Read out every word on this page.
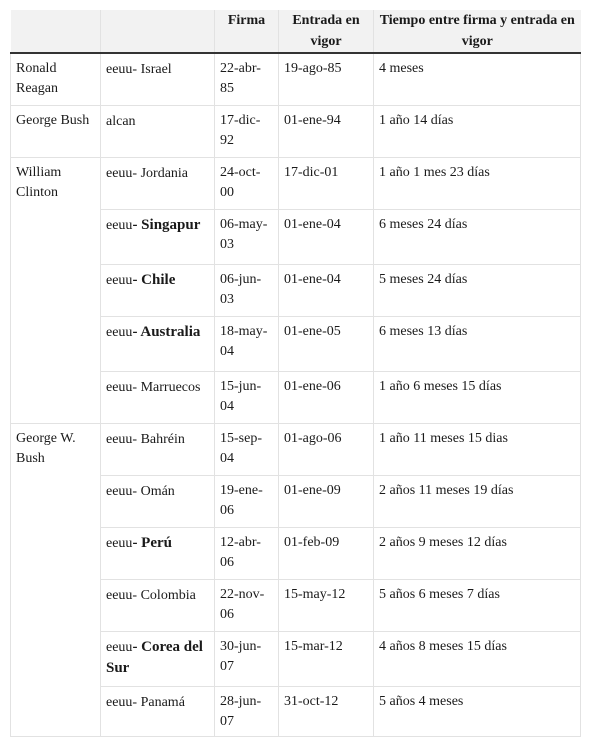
		Firma	Entrada en vigor	Tiempo entre firma y entrada en vigor
Ronald Reagan	eeuu- Israel	22-abr-85	19-ago-85	4 meses
George Bush	alcan	17-dic-92	01-ene-94	1 año 14 días
William Clinton	eeuu- Jordania	24-oct-00	17-dic-01	1 año 1 mes 23 días
	eeuu- Singapur	06-may-03	01-ene-04	6 meses 24 días
	eeuu- Chile	06-jun-03	01-ene-04	5 meses 24 días
	eeuu- Australia	18-may-04	01-ene-05	6 meses 13 días
	eeuu- Marruecos	15-jun-04	01-ene-06	1 año 6 meses 15 días
George W. Bush	eeuu- Bahréin	15-sep-04	01-ago-06	1 año 11 meses 15 dias
	eeuu- Omán	19-ene-06	01-ene-09	2 años 11 meses 19 días
	eeuu- Perú	12-abr-06	01-feb-09	2 años 9 meses 12 días
	eeuu- Colombia	22-nov-06	15-may-12	5 años 6 meses 7 días
	eeuu- Corea del Sur	30-jun-07	15-mar-12	4 años 8 meses 15 días
	eeuu- Panamá	28-jun-07	31-oct-12	5 años 4 meses
